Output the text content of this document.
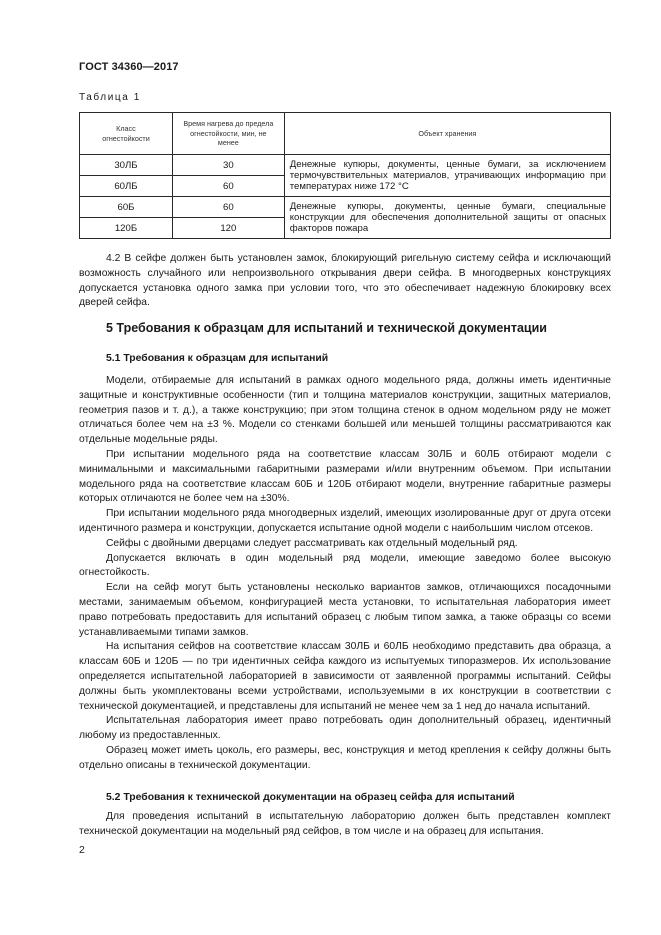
ГОСТ 34360—2017
Таблица 1
Класс огнестойкости	Время нагрева до предела огнестойкости, мин, не менее	Объект хранения
30ЛБ	30	Денежные купюры, документы, ценные бумаги, за исключением термочувствительных материалов, утрачивающих информацию при температурах ниже 172 °С
60ЛБ	60	
60Б	60	Денежные купюры, документы, ценные бумаги, специальные конструкции для обеспечения дополнительной защиты от опасных факторов пожара
120Б	120	

4.2 В сейфе должен быть установлен замок, блокирующий ригельную систему сейфа и исключающий возможность случайного или непроизвольного открывания двери сейфа. В многодверных конструкциях допускается установка одного замка при условии того, что это обеспечивает надежную блокировку всех дверей сейфа.

5 Требования к образцам для испытаний и технической документации
5.1 Требования к образцам для испытаний

Модели, отбираемые для испытаний в рамках одного модельного ряда, должны иметь идентичные защитные и конструктивные особенности (тип и толщина материалов конструкции, защитных материалов, геометрия пазов и т. д.), а также конструкцию; при этом толщина стенок в одном модельном ряду не может отличаться более чем на ±3 %. Модели со стенками большей или меньшей толщины рассматриваются как отдельные модельные ряды.

При испытании модельного ряда на соответствие классам 30ЛБ и 60ЛБ отбирают модели с минимальными и максимальными габаритными размерами и/или внутренним объемом. При испытании модельного ряда на соответствие классам 60Б и 120Б отбирают модели, внутренние габаритные размеры которых отличаются не более чем на ±30%.

При испытании модельного ряда многодверных изделий, имеющих изолированные друг от друга отсеки идентичного размера и конструкции, допускается испытание одной модели с наибольшим числом отсеков.

Сейфы с двойными дверцами следует рассматривать как отдельный модельный ряд.

Допускается включать в один модельный ряд модели, имеющие заведомо более высокую огнестойкость.

Если на сейф могут быть установлены несколько вариантов замков, отличающихся посадочными местами, занимаемым объемом, конфигурацией места установки, то испытательная лаборатория имеет право потребовать предоставить для испытаний образец с любым типом замка, а также образцы со всеми устанавливаемыми типами замков.

На испытания сейфов на соответствие классам 30ЛБ и 60ЛБ необходимо представить два образца, а классам 60Б и 120Б — по три идентичных сейфа каждого из испытуемых типоразмеров. Их использование определяется испытательной лабораторией в зависимости от заявленной программы испытаний. Сейфы должны быть укомплектованы всеми устройствами, используемыми в их конструкции в соответствии с технической документацией, и представлены для испытаний не менее чем за 1 нед до начала испытаний.

Испытательная лаборатория имеет право потребовать один дополнительный образец, идентичный любому из предоставленных.

Образец может иметь цоколь, его размеры, вес, конструкция и метод крепления к сейфу должны быть отдельно описаны в технической документации.

5.2 Требования к технической документации на образец сейфа для испытаний

Для проведения испытаний в испытательную лабораторию должен быть представлен комплект технической документации на модельный ряд сейфов, в том числе и на образец для испытания.

2
